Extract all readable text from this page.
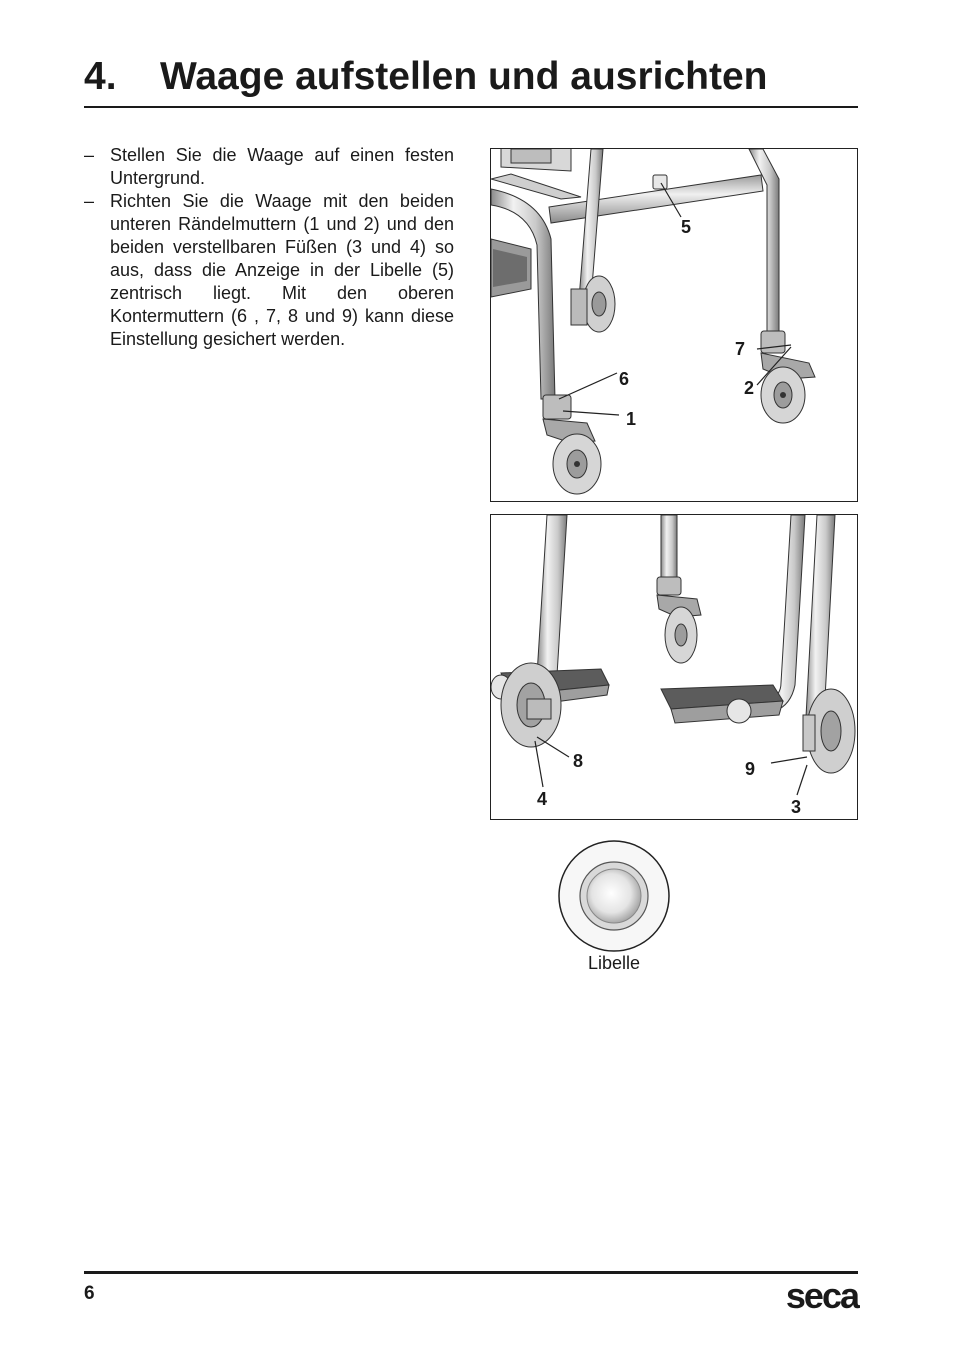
4. Waage aufstellen und ausrichten
– Stellen Sie die Waage auf einen festen Untergrund.
– Richten Sie die Waage mit den beiden unteren Rändelmuttern (1 und 2) und den beiden verstellbaren Füßen (3 und 4) so aus, dass die Anzeige in der Libelle (5) zentrisch liegt. Mit den oberen Kontermuttern (6 , 7, 8 und 9) kann diese Einstellung gesichert werden.
5
7
2
6
1
8
4
9
3
Libelle
6	seca
